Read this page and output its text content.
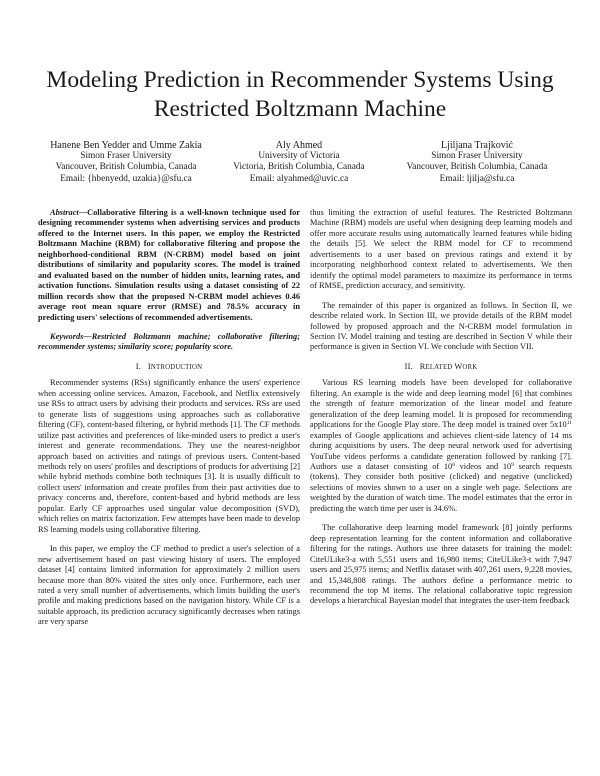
Modeling Prediction in Recommender Systems Using Restricted Boltzmann Machine
Hanene Ben Yedder and Umme Zakia
Simon Fraser University
Vancouver, British Columbia, Canada
Email: {hbenyedd, uzakia}@sfu.ca
Aly Ahmed
University of Victoria
Victoria, British Columbia, Canada
Email: alyahmed@uvic.ca
Ljiljana Trajković
Simon Fraser University
Vancouver, British Columbia, Canada
Email: ljilja@sfu.ca

Abstract—Collaborative filtering is a well-known technique used for designing recommender systems when advertising services and products offered to the Internet users. In this paper, we employ the Restricted Boltzmann Machine (RBM) for collaborative filtering and propose the neighborhood-conditional RBM (N-CRBM) model based on joint distributions of similarity and popularity scores. The model is trained and evaluated based on the number of hidden units, learning rates, and activation functions. Simulation results using a dataset consisting of 22 million records show that the proposed N-CRBM model achieves 0.46 average root mean square error (RMSE) and 78.5% accuracy in predicting users' selections of recommended advertisements.

Keywords—Restricted Boltzmann machine; collaborative filtering; recommender systems; similarity score; popularity score.

I. INTRODUCTION

Recommender systems (RSs) significantly enhance the users' experience when accessing online services. Amazon, Facebook, and Netflix extensively use RSs to attract users by advising their products and services. RSs are used to generate lists of suggestions using approaches such as collaborative filtering (CF), content-based filtering, or hybrid methods [1]. The CF methods utilize past activities and preferences of like-minded users to predict a user's interest and generate recommendations. They use the nearest-neighbor approach based on activities and ratings of previous users. Content-based methods rely on users' profiles and descriptions of products for advertising [2] while hybrid methods combine both techniques [3]. It is usually difficult to collect users' information and create profiles from their past activities due to privacy concerns and, therefore, content-based and hybrid methods are less popular. Early CF approaches used singular value decomposition (SVD), which relies on matrix factorization. Few attempts have been made to develop RS learning models using collaborative filtering.

In this paper, we employ the CF method to predict a user's selection of a new advertisement based on past viewing history of users. The employed dataset [4] contains limited information for approximately 2 million users because more than 80% visited the sites only once. Furthermore, each user rated a very small number of advertisements, which limits building the user's profile and making predictions based on the navigation history. While CF is a suitable approach, its prediction accuracy significantly decreases when ratings are very sparse

thus limiting the extraction of useful features. The Restricted Boltzmann Machine (RBM) models are useful when designing deep learning models and offer more accurate results using automatically learned features while hiding the details [5]. We select the RBM model for CF to recommend advertisements to a user based on previous ratings and extend it by incorporating neighborhood context related to advertisements. We then identify the optimal model parameters to maximize its performance in terms of RMSE, prediction accuracy, and sensitivity.

The remainder of this paper is organized as follows. In Section II, we describe related work. In Section III, we provide details of the RBM model followed by proposed approach and the N-CRBM model formulation in Section IV. Model training and testing are described in Section V while their performance is given in Section VI. We conclude with Section VII.

II. RELATED WORK

Various RS learning models have been developed for collaborative filtering. An example is the wide and deep learning model [6] that combines the strength of feature memorization of the linear model and feature generalization of the deep learning model. It is proposed for recommending applications for the Google Play store. The deep model is trained over $5x10^{11}$ examples of Google applications and achieves client-side latency of 14 ms during acquisitions by users. The deep neural network used for advertising YouTube videos performs a candidate generation followed by ranking [7]. Authors use a dataset consisting of $10^6$ videos and $10^9$ search requests (tokens). They consider both positive (clicked) and negative (unclicked) selections of movies shown to a user on a single web page. Selections are weighted by the duration of watch time. The model estimates that the error in predicting the watch time per user is 34.6%.

The collaborative deep learning model framework [8] jointly performs deep representation learning for the content information and collaborative filtering for the ratings. Authors use three datasets for training the model: CiteULike3-a with 5,551 users and 16,980 items; CiteULike3-t with 7,947 users and 25,975 items; and Netflix dataset with 407,261 users, 9,228 movies, and 15,348,808 ratings. The authors define a performance metric to recommend the top M items. The relational collaborative topic regression develops a hierarchical Bayesian model that integrates the user-item feedback
